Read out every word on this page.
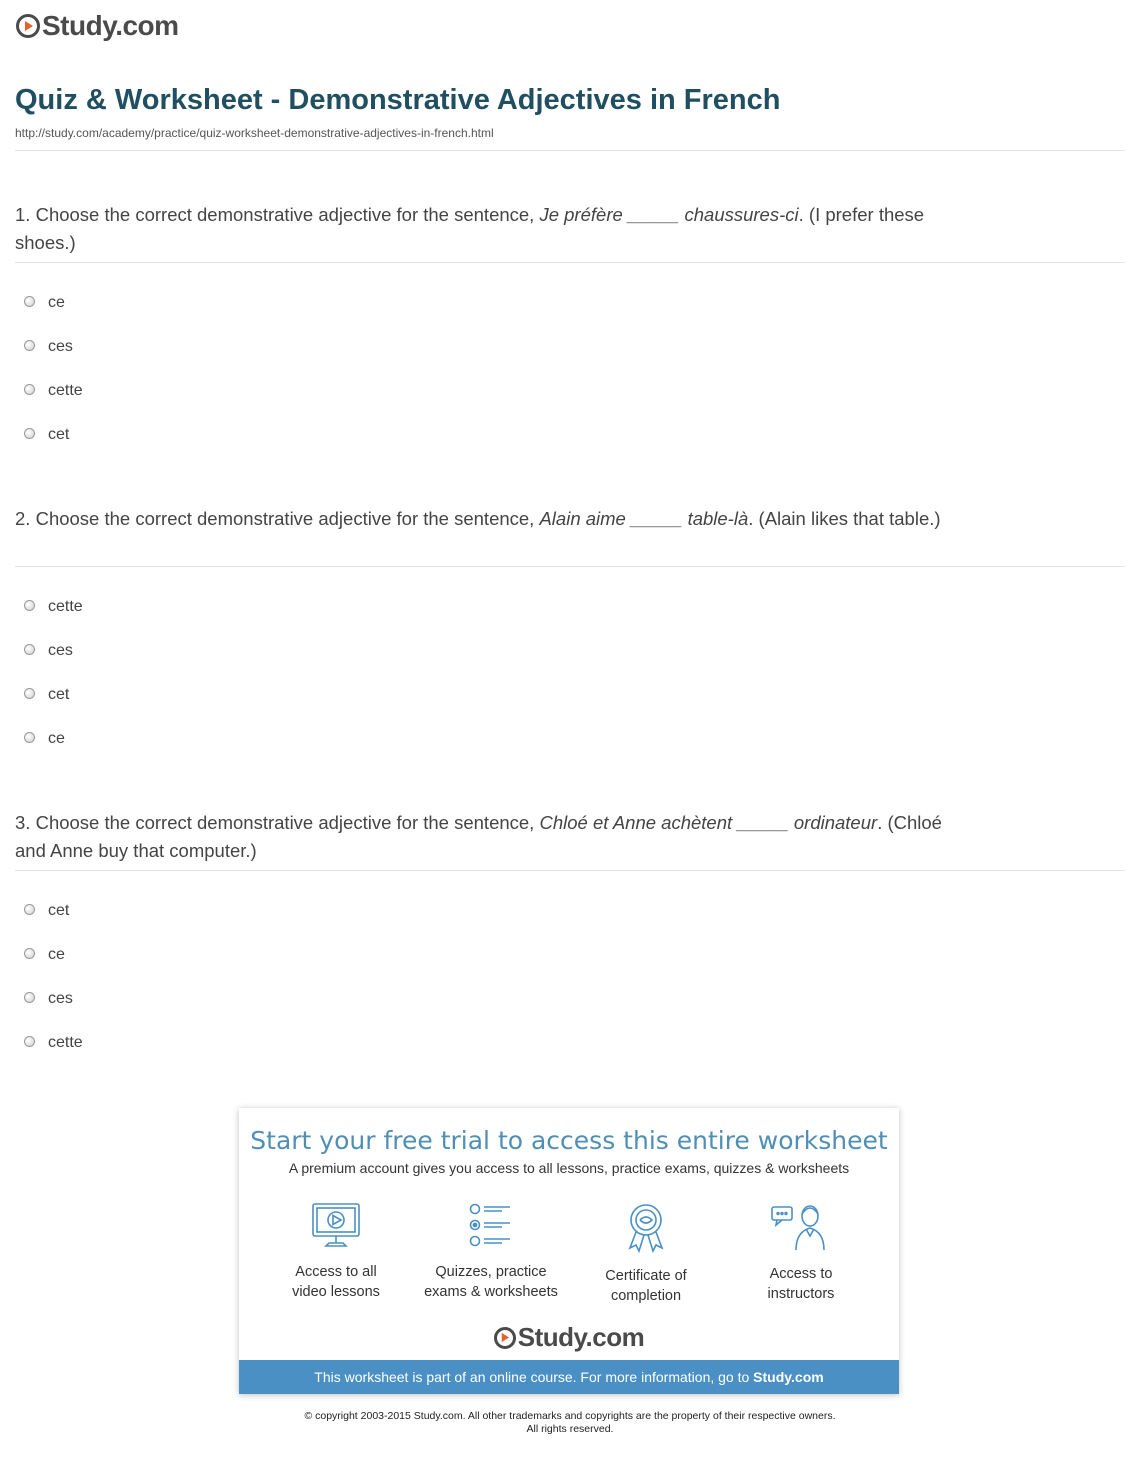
Study.com
Quiz & Worksheet - Demonstrative Adjectives in French
http://study.com/academy/practice/quiz-worksheet-demonstrative-adjectives-in-french.html

1. Choose the correct demonstrative adjective for the sentence, Je préfère _____ chaussures-ci. (I prefer these shoes.)

ce
ces
cette
cet

2. Choose the correct demonstrative adjective for the sentence, Alain aime _____ table-là. (Alain likes that table.)

cette
ces
cet
ce

3. Choose the correct demonstrative adjective for the sentence, Chloé et Anne achètent _____ ordinateur. (Chloé and Anne buy that computer.)

cet
ce
ces
cette
Start your free trial to access this entire worksheet
A premium account gives you access to all lessons, practice exams, quizzes & worksheets
Access to all
video lessons
Quizzes, practice
exams & worksheets
Certificate of
completion
Access to
instructors
Study.com
This worksheet is part of an online course. For more information, go to Study.com
© copyright 2003-2015 Study.com. All other trademarks and copyrights are the property of their respective owners.
All rights reserved.
